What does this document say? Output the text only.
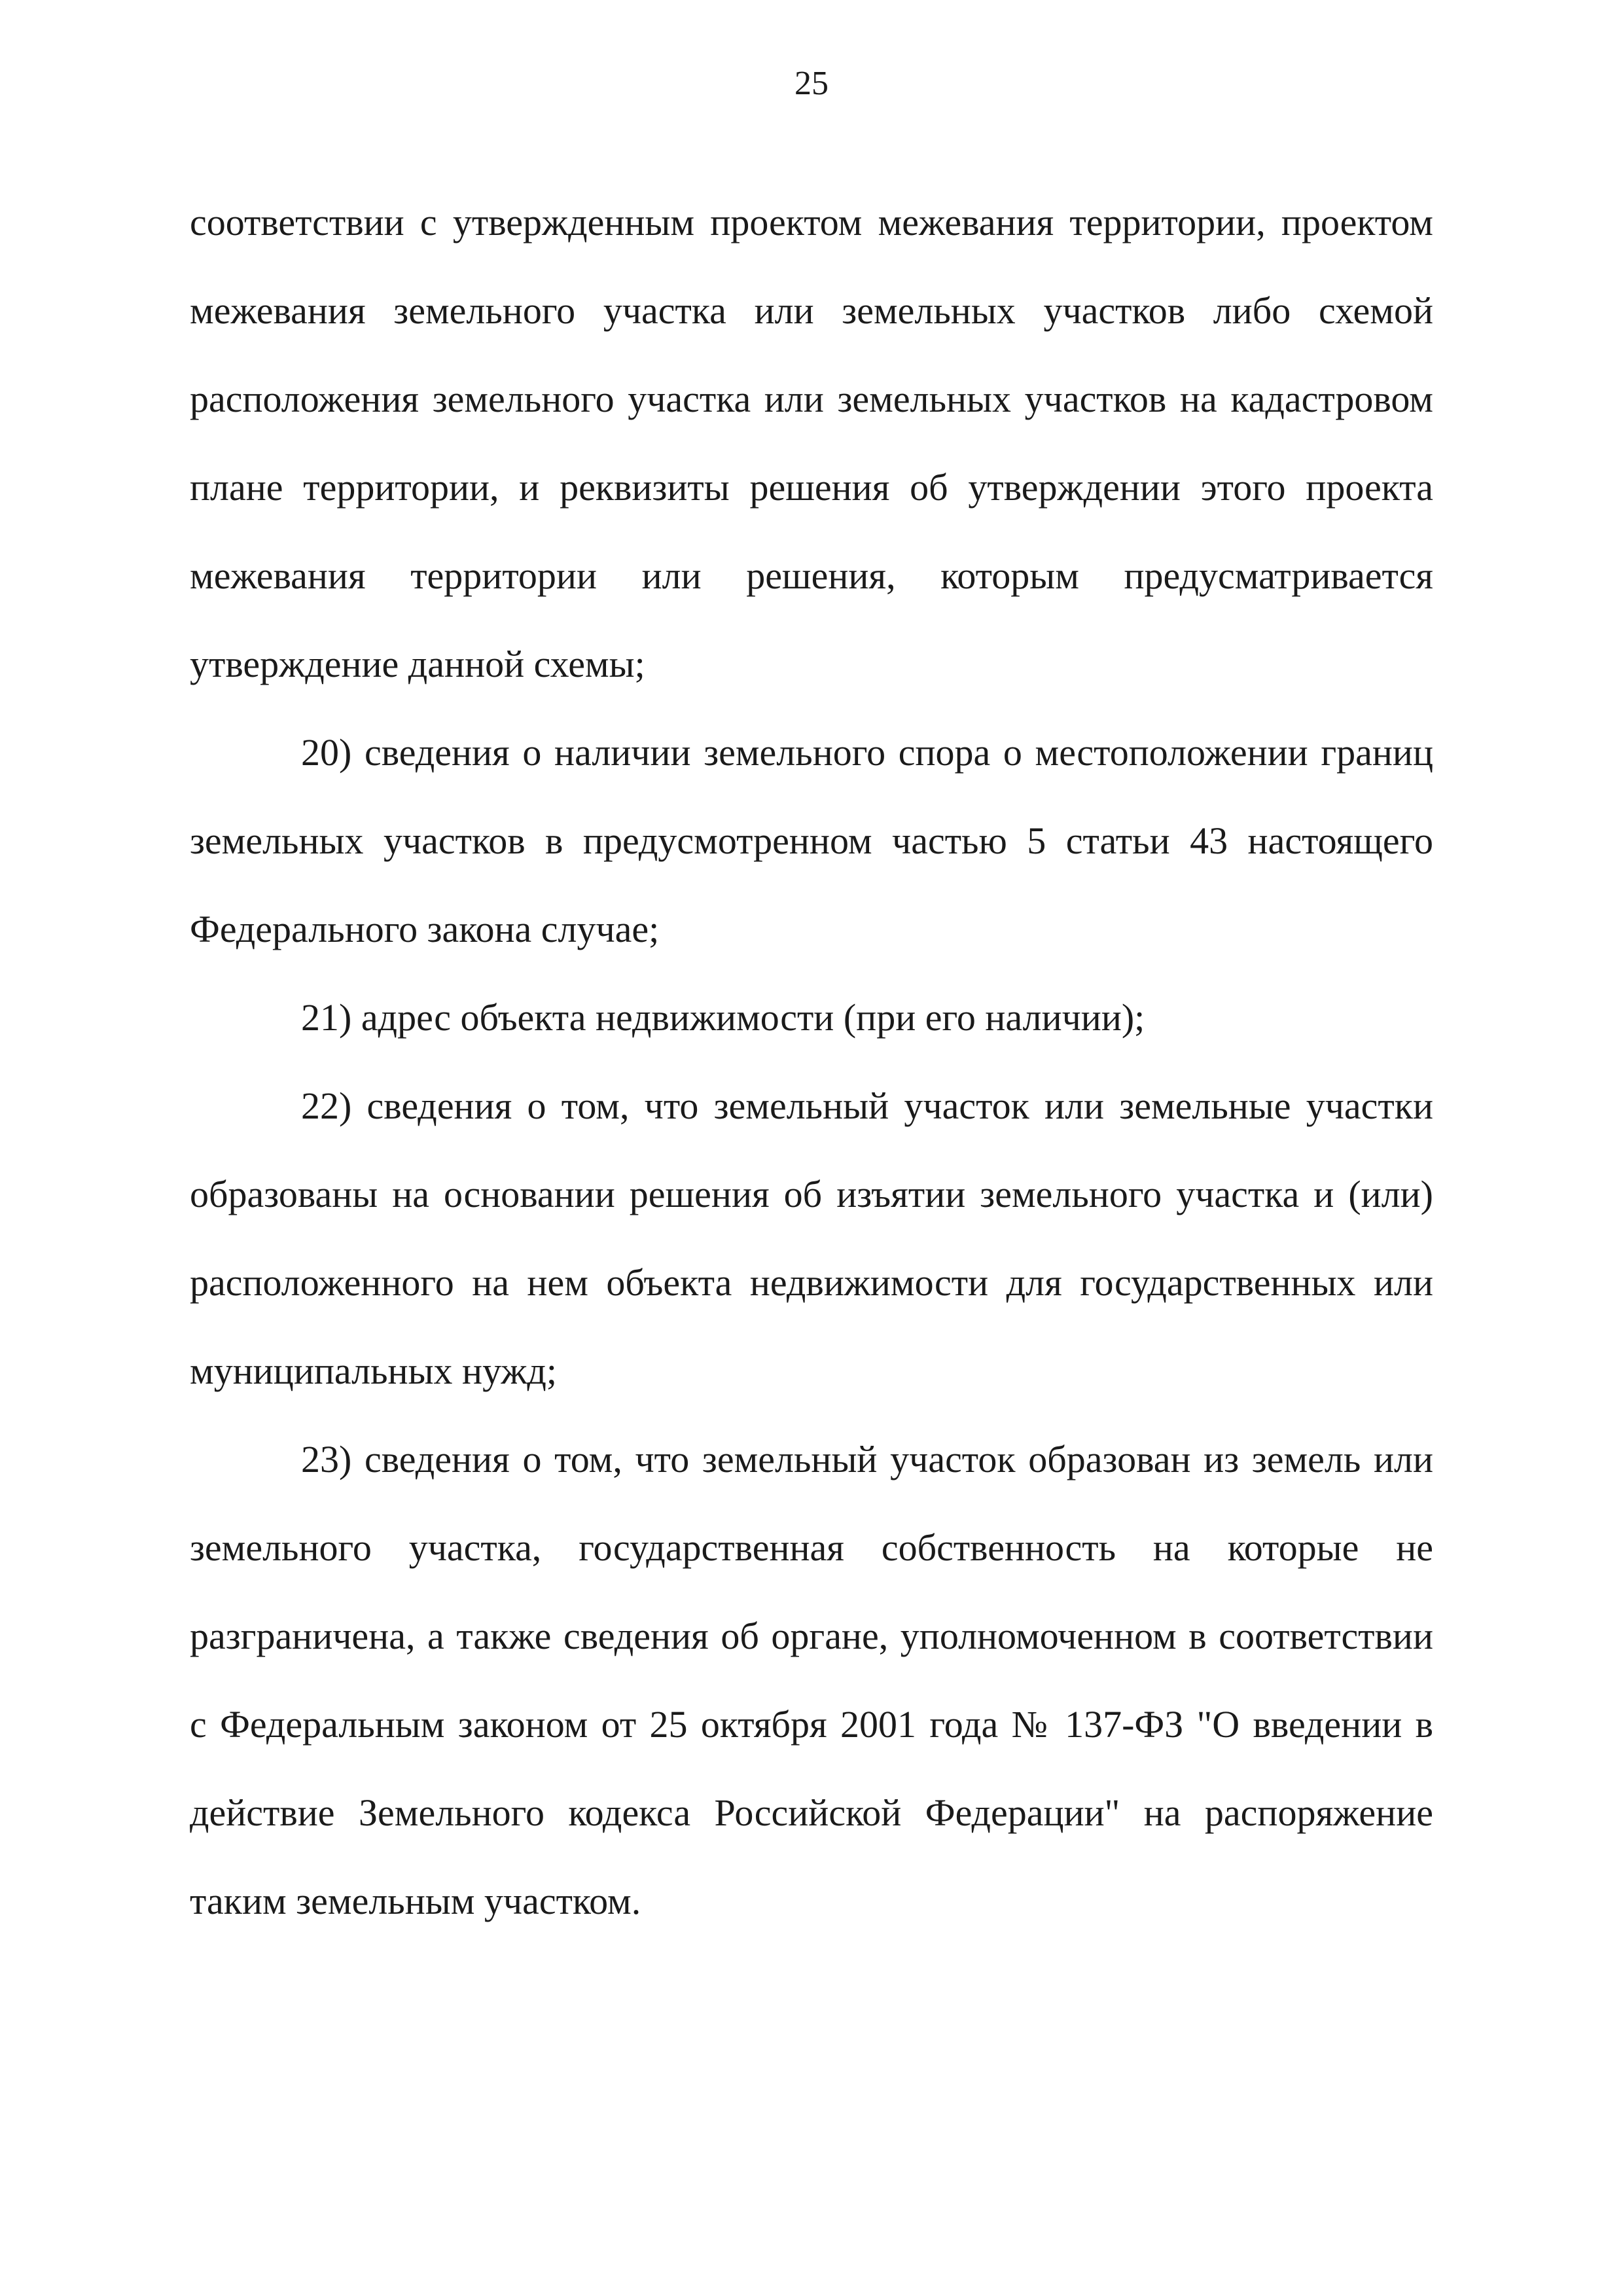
25

соответствии с утвержденным проектом межевания территории, проектом межевания земельного участка или земельных участков либо схемой расположения земельного участка или земельных участков на кадастровом плане территории, и реквизиты решения об утверждении этого проекта межевания территории или решения, которым предусматривается утверждение данной схемы;

20) сведения о наличии земельного спора о местоположении границ земельных участков в предусмотренном частью 5 статьи 43 настоящего Федерального закона случае;

21) адрес объекта недвижимости (при его наличии);

22) сведения о том, что земельный участок или земельные участки образованы на основании решения об изъятии земельного участка и (или) расположенного на нем объекта недвижимости для государственных или муниципальных нужд;

23) сведения о том, что земельный участок образован из земель или земельного участка, государственная собственность на которые не разграничена, а также сведения об органе, уполномоченном в соответствии с Федеральным законом от 25 октября 2001 года № 137-ФЗ "О введении в действие Земельного кодекса Российской Федерации" на распоряжение таким земельным участком.
